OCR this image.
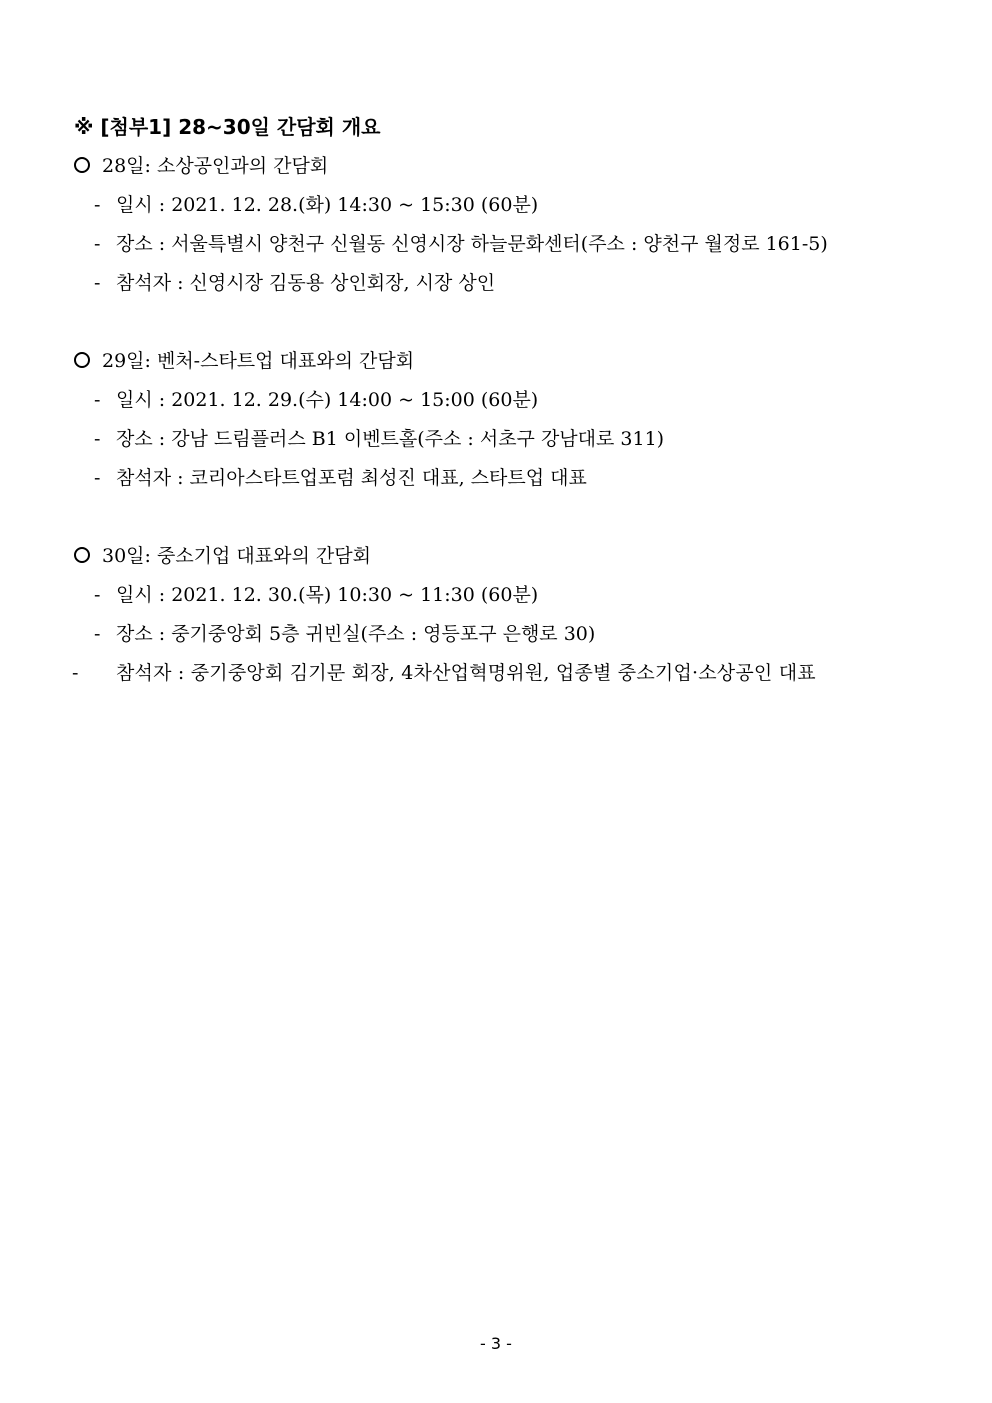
※ [첨부1] 28~30일 간담회 개요
28일: 소상공인과의 간담회
- 일시 : 2021. 12. 28.(화) 14:30 ~ 15:30 (60분)
- 장소 : 서울특별시 양천구 신월동 신영시장 하늘문화센터(주소 : 양천구 월정로 161-5)
- 참석자 : 신영시장 김동용 상인회장, 시장 상인
29일: 벤처-스타트업 대표와의 간담회
- 일시 : 2021. 12. 29.(수) 14:00 ~ 15:00 (60분)
- 장소 : 강남 드림플러스 B1 이벤트홀(주소 : 서초구 강남대로 311)
- 참석자 : 코리아스타트업포럼 최성진 대표, 스타트업 대표
30일: 중소기업 대표와의 간담회
- 일시 : 2021. 12. 30.(목) 10:30 ~ 11:30 (60분)
- 장소 : 중기중앙회 5층 귀빈실(주소 : 영등포구 은행로 30)
- 참석자 : 중기중앙회 김기문 회장, 4차산업혁명위원, 업종별 중소기업·소상공인 대표
- 3 -
